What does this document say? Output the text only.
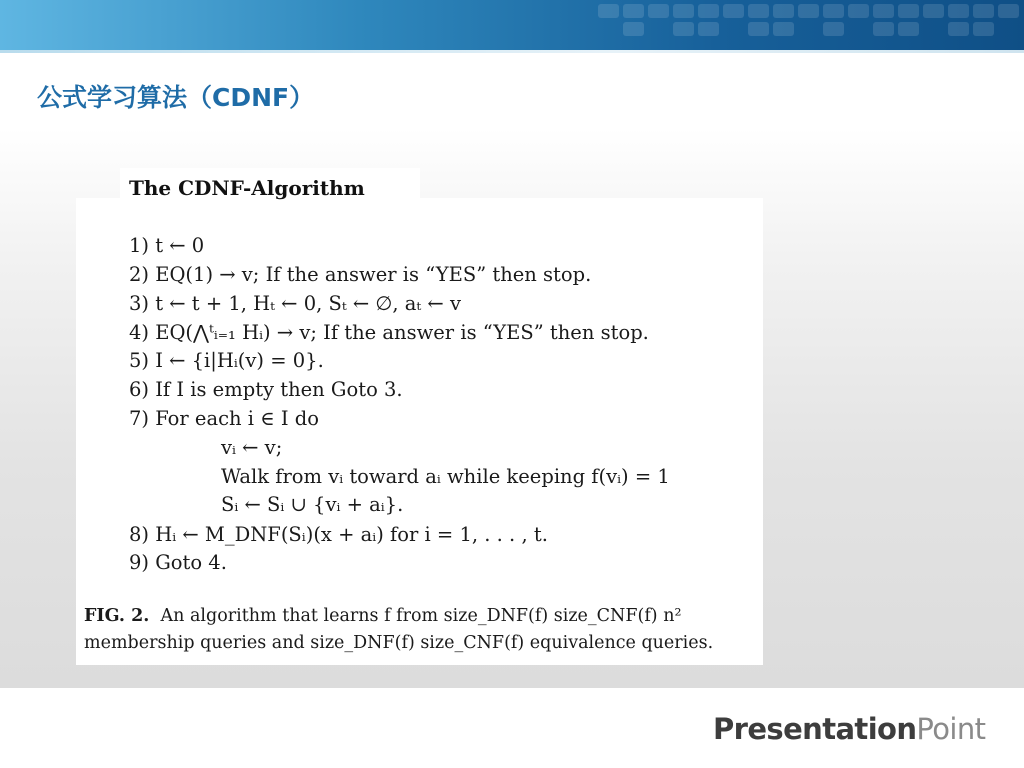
公式学习算法（CDNF）
The CDNF-Algorithm
1) t ← 0
2) EQ(1) → v; If the answer is “YES” then stop.
3) t ← t + 1, Hₜ ← 0, Sₜ ← ∅, aₜ ← v
4) EQ(⋀ᵗᵢ₌₁ Hᵢ) → v; If the answer is “YES” then stop.
5) I ← {i|Hᵢ(v) = 0}.
6) If I is empty then Goto 3.
7) For each i ∈ I do
vᵢ ← v;
Walk from vᵢ toward aᵢ while keeping f(vᵢ) = 1
Sᵢ ← Sᵢ ∪ {vᵢ + aᵢ}.
8) Hᵢ ← M_DNF(Sᵢ)(x + aᵢ) for i = 1, . . . , t.
9) Goto 4.
FIG. 2. An algorithm that learns f from size_DNF(f) size_CNF(f) n²
membership queries and size_DNF(f) size_CNF(f) equivalence queries.
PresentationPoint
